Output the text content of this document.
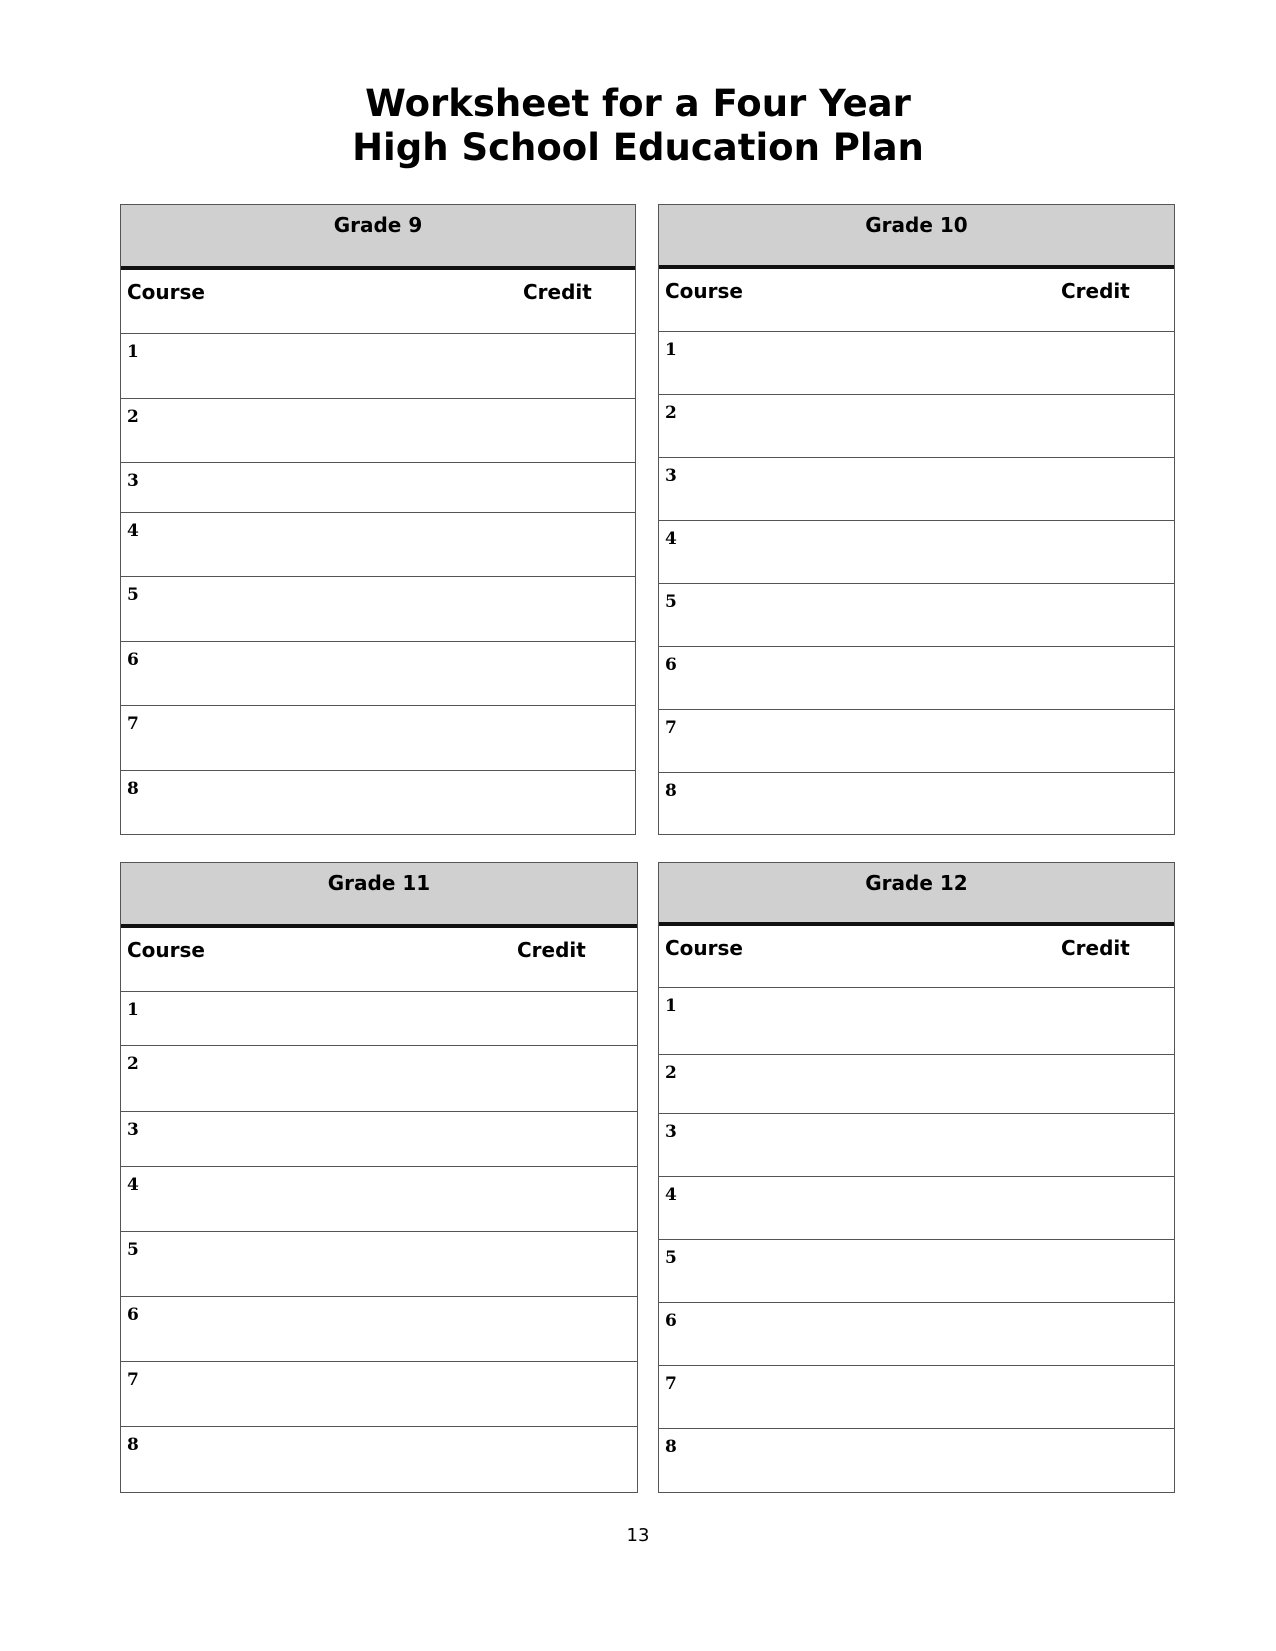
Worksheet for a Four Year
High School Education Plan
Grade 9
Course	Credit
1
2
3
4
5
6
7
8
Grade 10
Course	Credit
1
2
3
4
5
6
7
8
Grade 11
Course	Credit
1
2
3
4
5
6
7
8
Grade 12
Course	Credit
1
2
3
4
5
6
7
8
13
